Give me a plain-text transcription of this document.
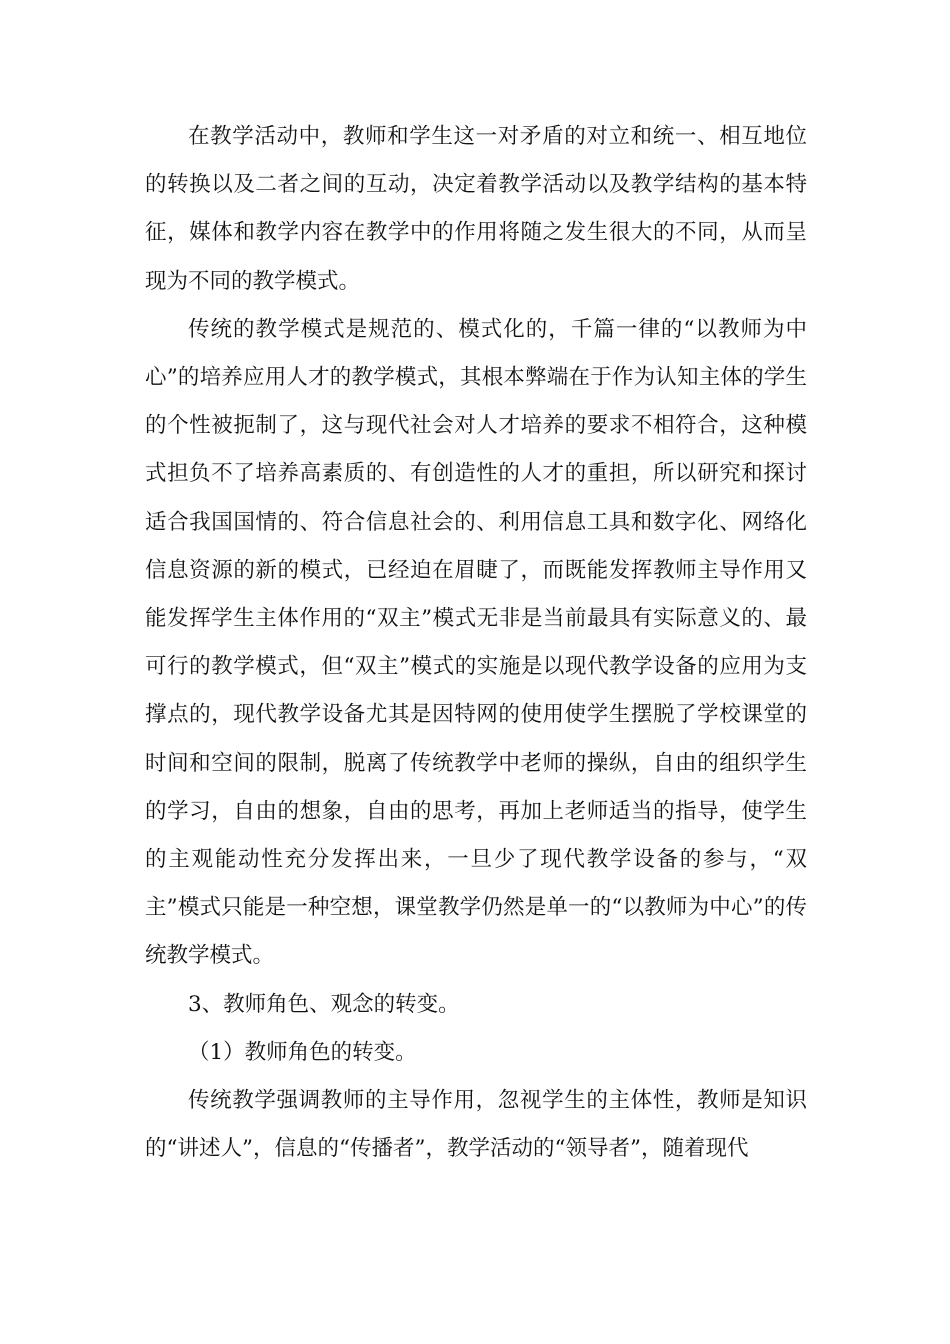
在教学活动中，教师和学生这一对矛盾的对立和统一、相互地位的转换以及二者之间的互动，决定着教学活动以及教学结构的基本特征，媒体和教学内容在教学中的作用将随之发生很大的不同，从而呈现为不同的教学模式。

传统的教学模式是规范的、模式化的，千篇一律的“以教师为中心”的培养应用人才的教学模式，其根本弊端在于作为认知主体的学生的个性被扼制了，这与现代社会对人才培养的要求不相符合，这种模式担负不了培养高素质的、有创造性的人才的重担，所以研究和探讨适合我国国情的、符合信息社会的、利用信息工具和数字化、网络化信息资源的新的模式，已经迫在眉睫了，而既能发挥教师主导作用又能发挥学生主体作用的“双主”模式无非是当前最具有实际意义的、最可行的教学模式，但“双主”模式的实施是以现代教学设备的应用为支撑点的，现代教学设备尤其是因特网的使用使学生摆脱了学校课堂的时间和空间的限制，脱离了传统教学中老师的操纵，自由的组织学生的学习，自由的想象，自由的思考，再加上老师适当的指导，使学生的主观能动性充分发挥出来，一旦少了现代教学设备的参与，“双主”模式只能是一种空想，课堂教学仍然是单一的“以教师为中心”的传统教学模式。

3、教师角色、观念的转变。

（1）教师角色的转变。

传统教学强调教师的主导作用，忽视学生的主体性，教师是知识的“讲述人”，信息的“传播者”，教学活动的“领导者”，随着现代
